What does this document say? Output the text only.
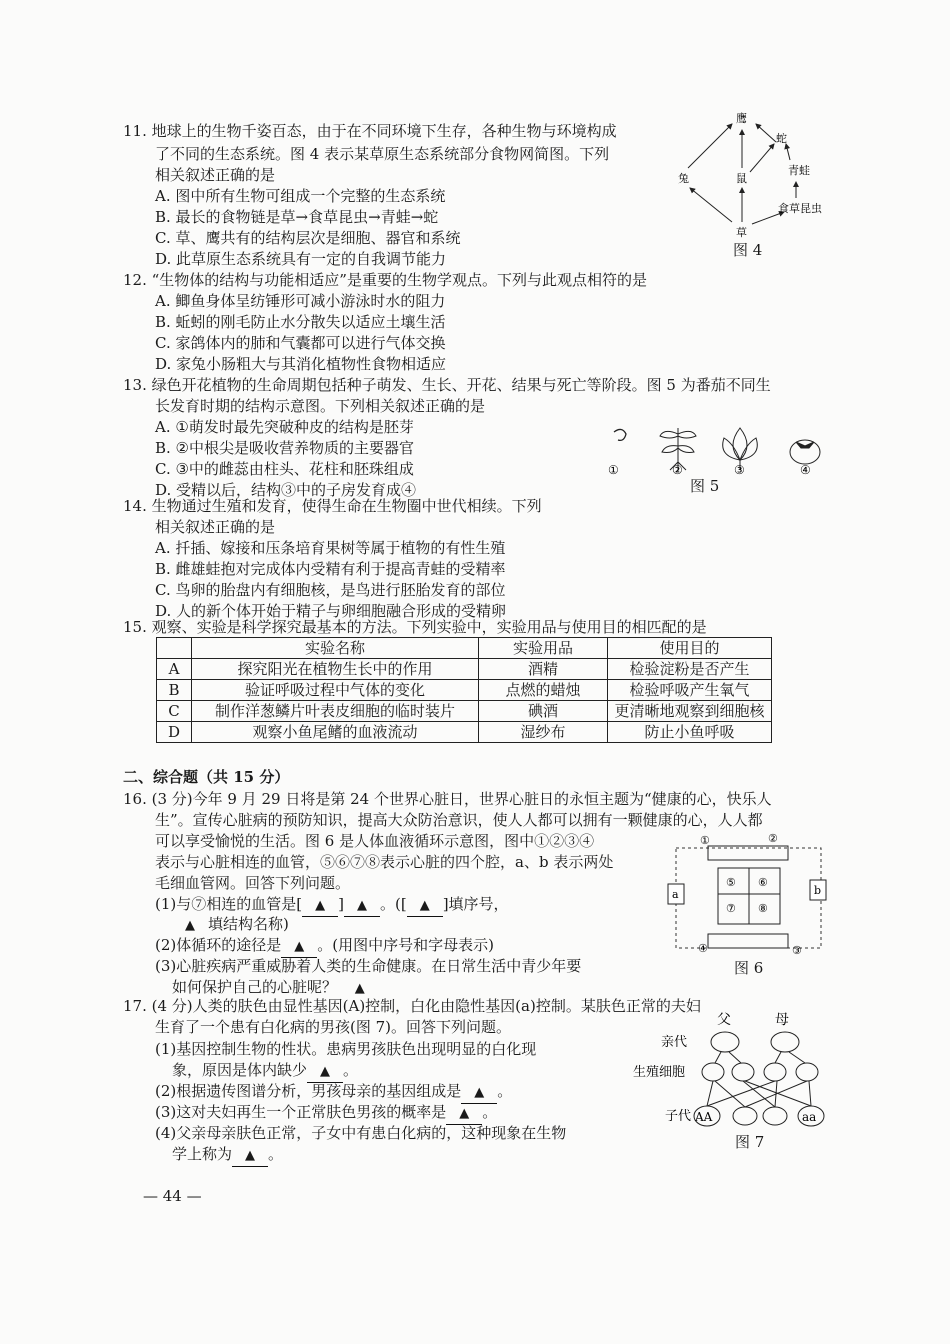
11. 地球上的生物千姿百态，由于在不同环境下生存，各种生物与环境构成
了不同的生态系统。图 4 表示某草原生态系统部分食物网简图。下列
相关叙述正确的是
A. 图中所有生物可组成一个完整的生态系统
B. 最长的食物链是草→食草昆虫→青蛙→蛇
C. 草、鹰共有的结构层次是细胞、器官和系统
D. 此草原生态系统具有一定的自我调节能力
鹰
蛇
兔	鼠
青蛙
食草昆虫
草
图 4
12. “生物体的结构与功能相适应”是重要的生物学观点。下列与此观点相符的是
A. 鲫鱼身体呈纺锤形可减小游泳时水的阻力
B. 蚯蚓的刚毛防止水分散失以适应土壤生活
C. 家鸽体内的肺和气囊都可以进行气体交换
D. 家兔小肠粗大与其消化植物性食物相适应
13. 绿色开花植物的生命周期包括种子萌发、生长、开花、结果与死亡等阶段。图 5 为番茄不同生
长发育时期的结构示意图。下列相关叙述正确的是
A. ①萌发时最先突破种皮的结构是胚芽
B. ②中根尖是吸收营养物质的主要器官
C. ③中的雌蕊由柱头、花柱和胚珠组成
D. 受精以后，结构③中的子房发育成④
①	②	③	④
图 5
14. 生物通过生殖和发育，使得生命在生物圈中世代相续。下列
相关叙述正确的是
A. 扦插、嫁接和压条培育果树等属于植物的有性生殖
B. 雌雄蛙抱对完成体内受精有利于提高青蛙的受精率
C. 鸟卵的胎盘内有细胞核，是鸟进行胚胎发育的部位
D. 人的新个体开始于精子与卵细胞融合形成的受精卵
15. 观察、实验是科学探究最基本的方法。下列实验中，实验用品与使用目的相匹配的是
	实验名称	实验用品	使用目的
A	探究阳光在植物生长中的作用	酒精	检验淀粉是否产生
B	验证呼吸过程中气体的变化	点燃的蜡烛	检验呼吸产生氧气
C	制作洋葱鳞片叶表皮细胞的临时装片	碘酒	更清晰地观察到细胞核
D	观察小鱼尾鳍的血液流动	湿纱布	防止小鱼呼吸
二、综合题（共 15 分）
16. (3 分)今年 9 月 29 日将是第 24 个世界心脏日，世界心脏日的永恒主题为“健康的心，快乐人
生”。宣传心脏病的预防知识，提高大众防治意识，使人人都可以拥有一颗健康的心，人人都
可以享受愉悦的生活。图 6 是人体血液循环示意图，图中①②③④
表示与心脏相连的血管，⑤⑥⑦⑧表示心脏的四个腔，a、b 表示两处
毛细血管网。回答下列问题。
(1)与⑦相连的血管是[ ▲ ] ▲ 。([ ▲ ]填序号，
▲ 填结构名称)
(2)体循环的途径是 ▲ 。(用图中序号和字母表示)
(3)心脏疾病严重威胁着人类的生命健康。在日常生活中青少年要
如何保护自己的心脏呢？ ▲
①	②
③
④
⑤ ⑥
⑦ ⑧
a	b
图 6
17. (4 分)人类的肤色由显性基因(A)控制，白化由隐性基因(a)控制。某肤色正常的夫妇
生育了一个患有白化病的男孩(图 7)。回答下列问题。
(1)基因控制生物的性状。患病男孩肤色出现明显的白化现
象，原因是体内缺少 ▲ 。
(2)根据遗传图谱分析，男孩母亲的基因组成是 ▲ 。
(3)这对夫妇再生一个正常肤色男孩的概率是 ▲ 。
(4)父亲母亲肤色正常，子女中有患白化病的，这种现象在生物
学上称为 ▲ 。
父	母
亲代
生殖细胞
子代 AA	aa
图 7
— 44 —
